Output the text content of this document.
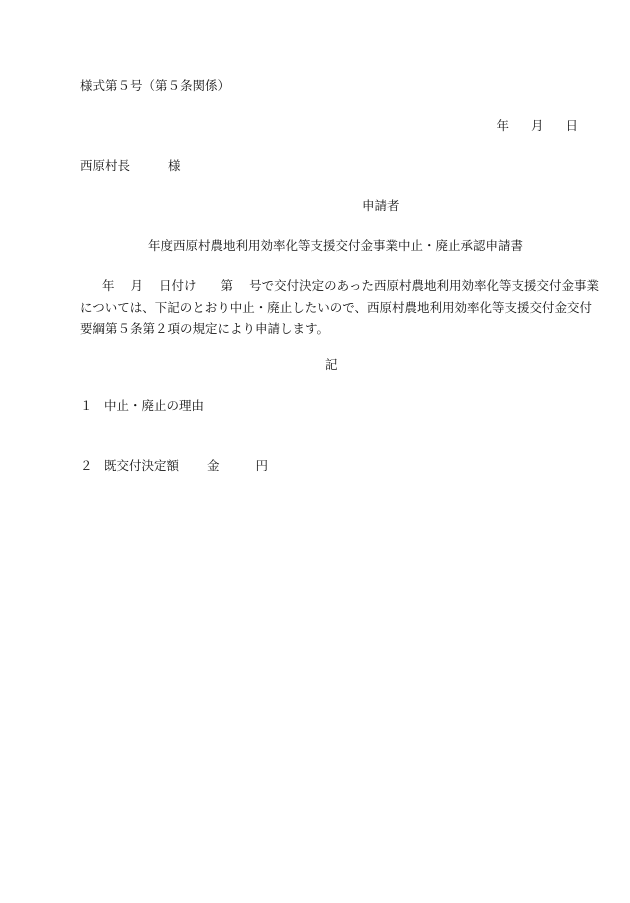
様式第５号（第５条関係）
年 月 日
西原村長	様
申請者
年度西原村農地利用効率化等支援交付金事業中止・廃止承認申請書
年 月 日付け 第 号で交付決定のあった西原村農地利用効率化等支援交付金事業
については、下記のとおり中止・廃止したいので、西原村農地利用効率化等支援交付金交付
要綱第５条第２項の規定により申請します。
記
１ 中止・廃止の理由
２ 既交付決定額 金	円
